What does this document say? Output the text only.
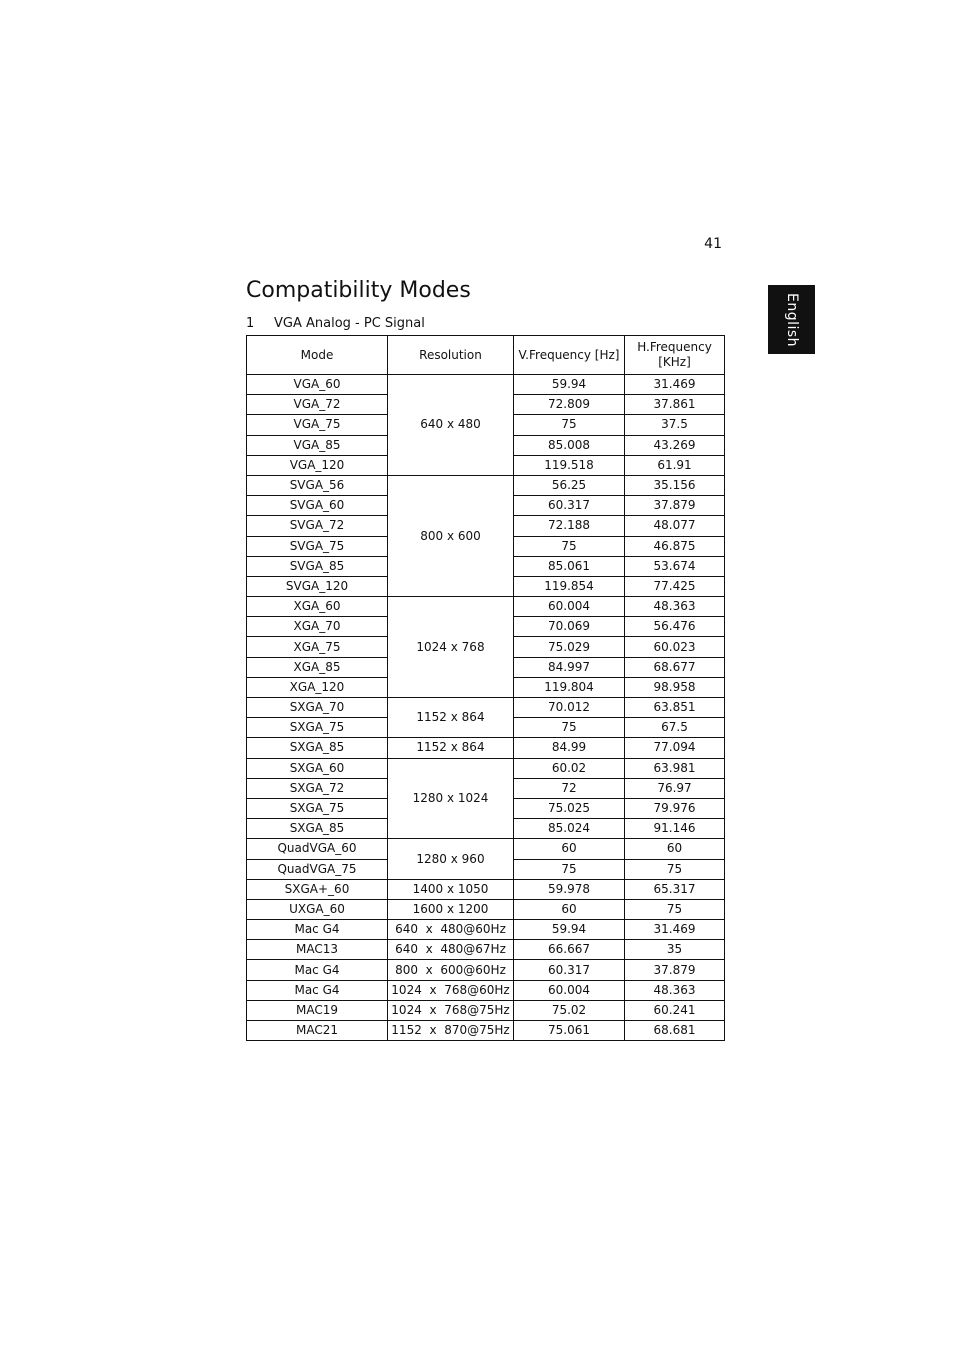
41
English
Compatibility Modes
1 VGA Analog - PC Signal
Mode	Resolution	V.Frequency [Hz]	H.Frequency [KHz]
VGA_60	640 x 480	59.94	31.469
VGA_72		72.809	37.861
VGA_75		75	37.5
VGA_85		85.008	43.269
VGA_120		119.518	61.91
SVGA_56	800 x 600	56.25	35.156
SVGA_60		60.317	37.879
SVGA_72		72.188	48.077
SVGA_75		75	46.875
SVGA_85		85.061	53.674
SVGA_120		119.854	77.425
XGA_60	1024 x 768	60.004	48.363
XGA_70		70.069	56.476
XGA_75		75.029	60.023
XGA_85		84.997	68.677
XGA_120		119.804	98.958
SXGA_70	1152 x 864	70.012	63.851
SXGA_75		75	67.5
SXGA_85	1152 x 864	84.99	77.094
SXGA_60	1280 x 1024	60.02	63.981
SXGA_72		72	76.97
SXGA_75		75.025	79.976
SXGA_85		85.024	91.146
QuadVGA_60	1280 x 960	60	60
QuadVGA_75		75	75
SXGA+_60	1400 x 1050	59.978	65.317
UXGA_60	1600 x 1200	60	75
Mac G4	640  x  480@60Hz	59.94	31.469
MAC13	640  x  480@67Hz	66.667	35
Mac G4	800  x  600@60Hz	60.317	37.879
Mac G4	1024  x  768@60Hz	60.004	48.363
MAC19	1024  x  768@75Hz	75.02	60.241
MAC21	1152  x  870@75Hz	75.061	68.681
